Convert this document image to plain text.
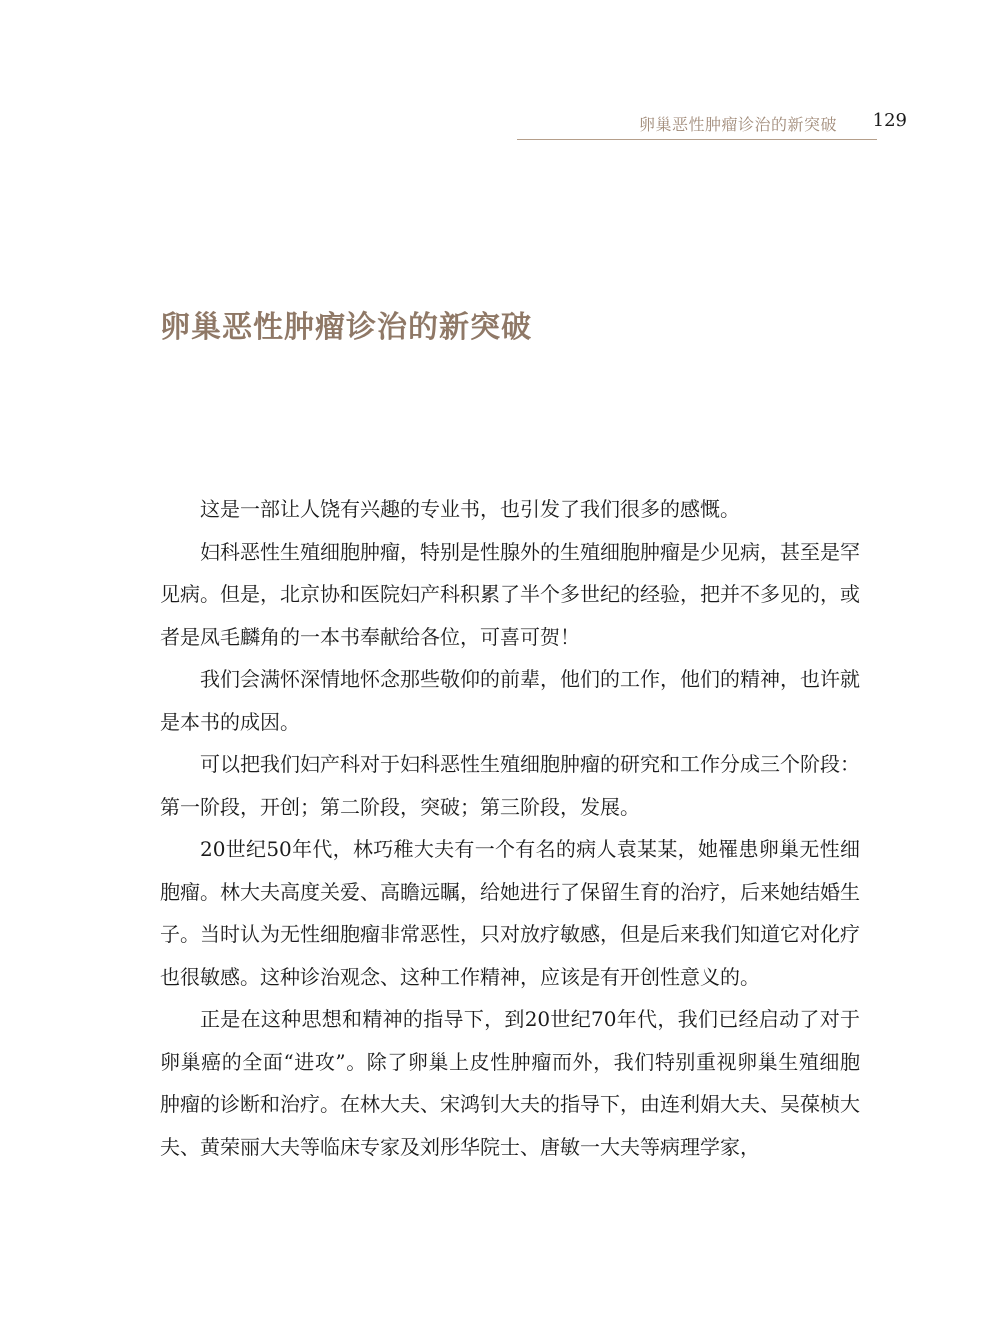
卵巢恶性肿瘤诊治的新突破 129
卵巢恶性肿瘤诊治的新突破

这是一部让人饶有兴趣的专业书，也引发了我们很多的感慨。

妇科恶性生殖细胞肿瘤，特别是性腺外的生殖细胞肿瘤是少见病，甚至是罕见病。但是，北京协和医院妇产科积累了半个多世纪的经验，把并不多见的，或者是凤毛麟角的一本书奉献给各位，可喜可贺！

我们会满怀深情地怀念那些敬仰的前辈，他们的工作，他们的精神，也许就是本书的成因。

可以把我们妇产科对于妇科恶性生殖细胞肿瘤的研究和工作分成三个阶段：第一阶段，开创；第二阶段，突破；第三阶段，发展。

20世纪50年代，林巧稚大夫有一个有名的病人袁某某，她罹患卵巢无性细胞瘤。林大夫高度关爱、高瞻远瞩，给她进行了保留生育的治疗，后来她结婚生子。当时认为无性细胞瘤非常恶性，只对放疗敏感，但是后来我们知道它对化疗也很敏感。这种诊治观念、这种工作精神，应该是有开创性意义的。

正是在这种思想和精神的指导下，到20世纪70年代，我们已经启动了对于卵巢癌的全面“进攻”。除了卵巢上皮性肿瘤而外，我们特别重视卵巢生殖细胞肿瘤的诊断和治疗。在林大夫、宋鸿钊大夫的指导下，由连利娟大夫、吴葆桢大夫、黄荣丽大夫等临床专家及刘彤华院士、唐敏一大夫等病理学家，
